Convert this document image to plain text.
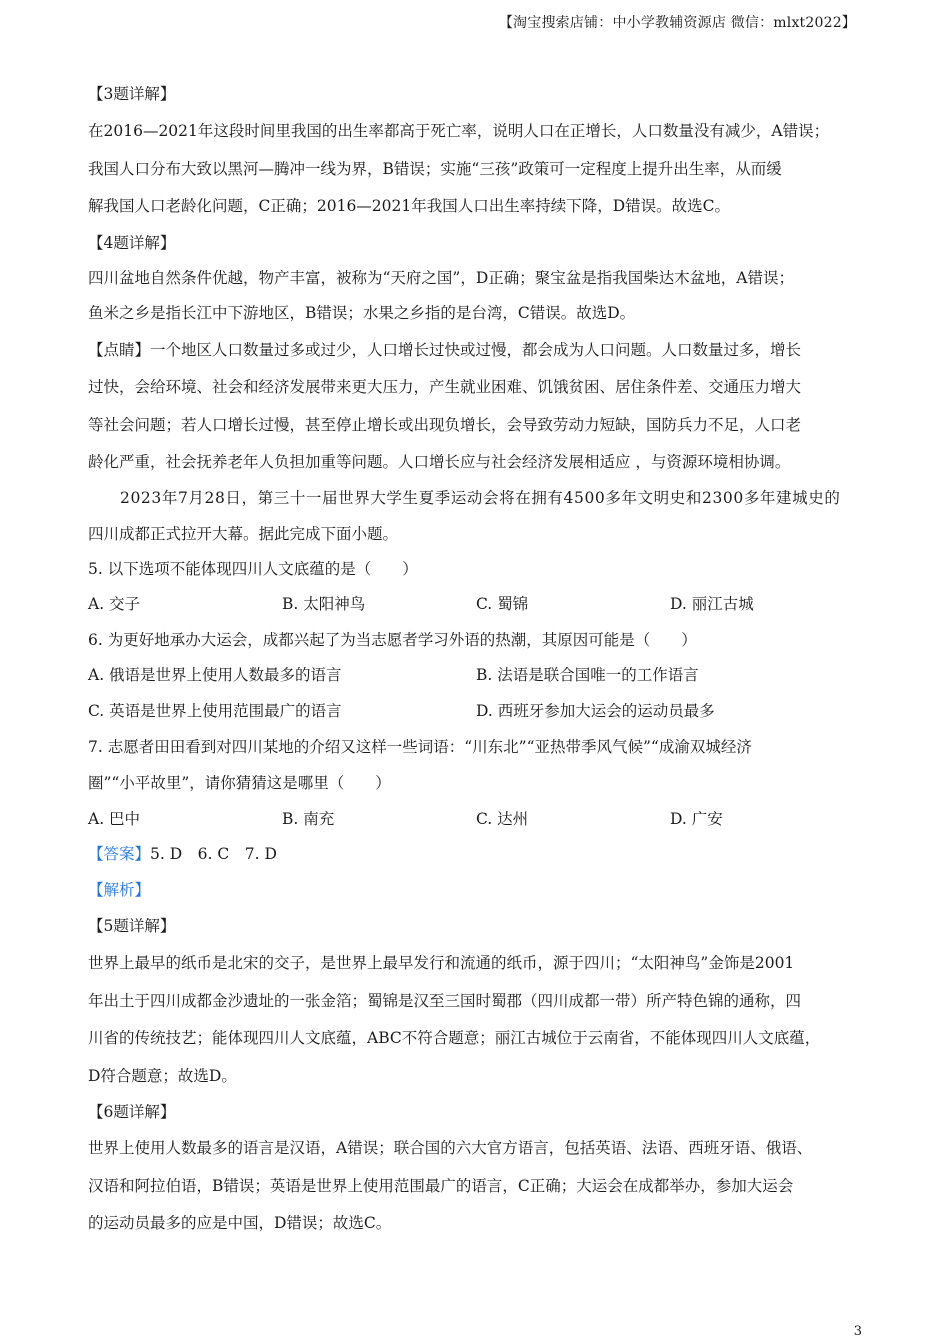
【淘宝搜索店铺：中小学教辅资源店 微信：mlxt2022】
【3题详解】
在2016—2021年这段时间里我国的出生率都高于死亡率，说明人口在正增长，人口数量没有减少，A错误；
我国人口分布大致以黑河—腾冲一线为界，B错误；实施“三孩”政策可一定程度上提升出生率，从而缓
解我国人口老龄化问题，C正确；2016—2021年我国人口出生率持续下降，D错误。故选C。
【4题详解】
四川盆地自然条件优越，物产丰富，被称为“天府之国”，D正确；聚宝盆是指我国柴达木盆地，A错误；
鱼米之乡是指长江中下游地区，B错误；水果之乡指的是台湾，C错误。故选D。
【点睛】一个地区人口数量过多或过少，人口增长过快或过慢，都会成为人口问题。人口数量过多，增长
过快，会给环境、社会和经济发展带来更大压力，产生就业困难、饥饿贫困、居住条件差、交通压力增大
等社会问题；若人口增长过慢，甚至停止增长或出现负增长，会导致劳动力短缺，国防兵力不足，人口老
龄化严重，社会抚养老年人负担加重等问题。人口增长应与社会经济发展相适应 ，与资源环境相协调。
2023年7月28日，第三十一届世界大学生夏季运动会将在拥有4500多年文明史和2300多年建城史的
四川成都正式拉开大幕。据此完成下面小题。
5. 以下选项不能体现四川人文底蕴的是（　　）
A. 交子	B. 太阳神鸟	C. 蜀锦	D. 丽江古城
6. 为更好地承办大运会，成都兴起了为当志愿者学习外语的热潮，其原因可能是（　　）
A. 俄语是世界上使用人数最多的语言	B. 法语是联合国唯一的工作语言
C. 英语是世界上使用范围最广的语言	D. 西班牙参加大运会的运动员最多
7. 志愿者田田看到对四川某地的介绍又这样一些词语：“川东北”“亚热带季风气候”“成渝双城经济
圈”“小平故里”，请你猜猜这是哪里（　　）
A. 巴中	B. 南充	C. 达州	D. 广安
【答案】5. D　6. C　7. D
【解析】
【5题详解】
世界上最早的纸币是北宋的交子，是世界上最早发行和流通的纸币，源于四川；“太阳神鸟”金饰是2001
年出土于四川成都金沙遗址的一张金箔；蜀锦是汉至三国时蜀郡（四川成都一带）所产特色锦的通称，四
川省的传统技艺；能体现四川人文底蕴，ABC不符合题意；丽江古城位于云南省，不能体现四川人文底蕴，
D符合题意；故选D。
【6题详解】
世界上使用人数最多的语言是汉语，A错误；联合国的六大官方语言，包括英语、法语、西班牙语、俄语、
汉语和阿拉伯语，B错误；英语是世界上使用范围最广的语言，C正确；大运会在成都举办，参加大运会
的运动员最多的应是中国，D错误；故选C。
3
